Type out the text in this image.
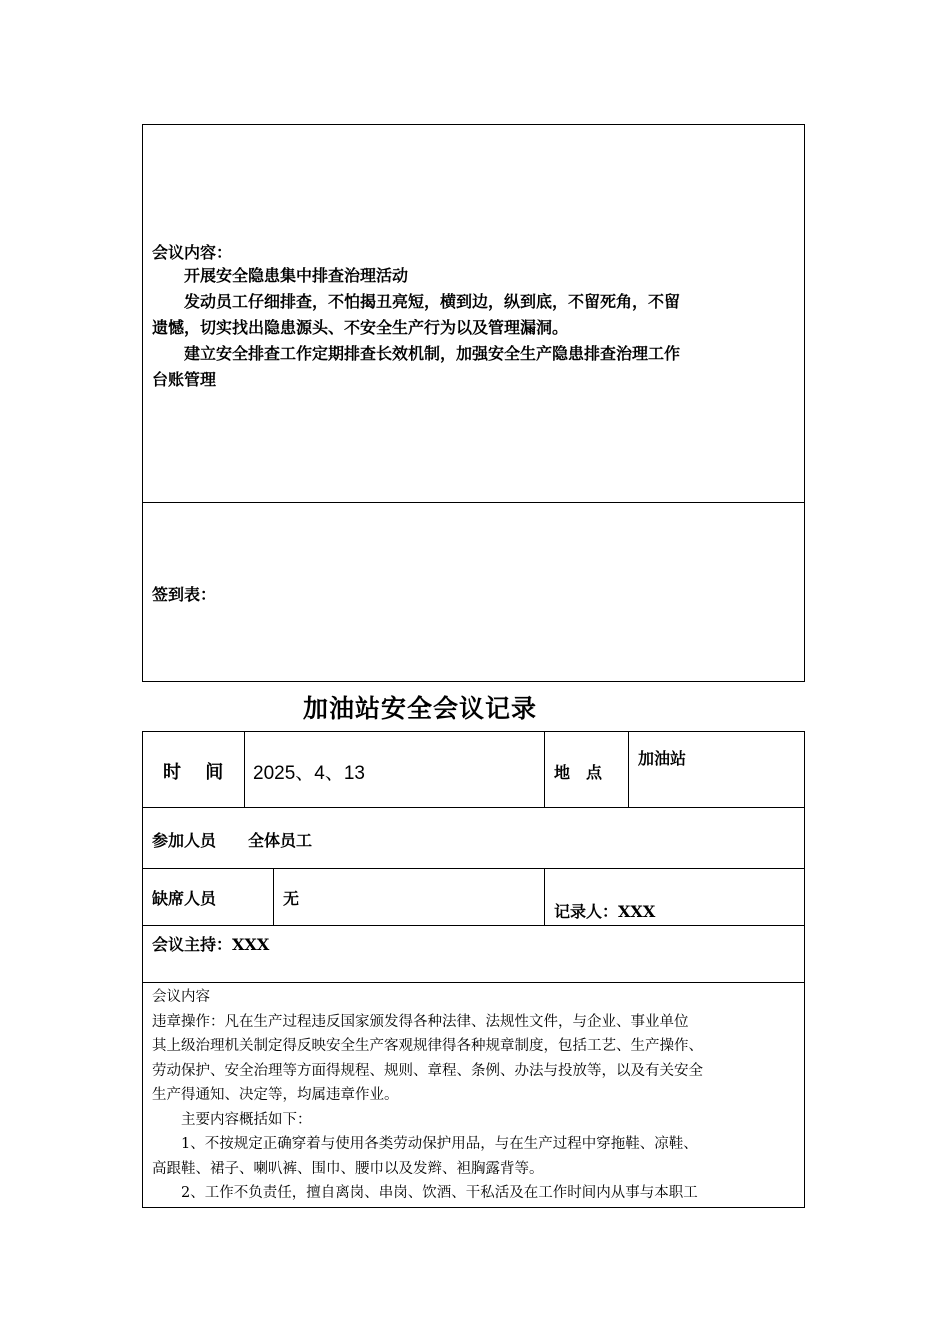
会议内容：
开展安全隐患集中排查治理活动
发动员工仔细排查，不怕揭丑亮短，横到边，纵到底，不留死角，不留
遗憾，切实找出隐患源头、不安全生产行为以及管理漏洞。
建立安全排查工作定期排查长效机制，加强安全生产隐患排查治理工作
台账管理
签到表：
加油站安全会议记录
时　 间 2025、4、13	地　点
加油站
参加人员 全体员工
缺席人员	无
记录人：XXX
会议主持：XXX
会议内容
违章操作：凡在生产过程违反国家颁发得各种法律、法规性文件，与企业、事业单位
其上级治理机关制定得反映安全生产客观规律得各种规章制度，包括工艺、生产操作、
劳动保护、安全治理等方面得规程、规则、章程、条例、办法与投放等，以及有关安全
生产得通知、决定等，均属违章作业。
主要内容概括如下：
1、不按规定正确穿着与使用各类劳动保护用品，与在生产过程中穿拖鞋、凉鞋、
高跟鞋、裙子、喇叭裤、围巾、腰巾以及发辫、袒胸露背等。
2、工作不负责任，擅自离岗、串岗、饮酒、干私活及在工作时间内从事与本职工
